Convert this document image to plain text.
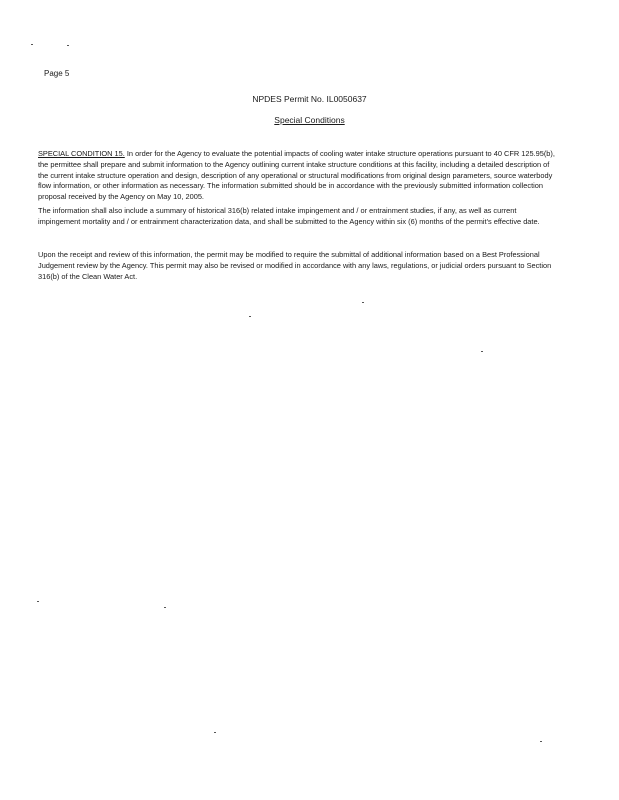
Page 5
NPDES Permit No. IL0050637
Special Conditions

SPECIAL CONDITION 15. In order for the Agency to evaluate the potential impacts of cooling water intake structure operations pursuant to 40 CFR 125.95(b), the permittee shall prepare and submit information to the Agency outlining current intake structure conditions at this facility, including a detailed description of the current intake structure operation and design, description of any operational or structural modifications from original design parameters, source waterbody flow information, or other information as necessary. The information submitted should be in accordance with the previously submitted information collection proposal received by the Agency on May 10, 2005.

The information shall also include a summary of historical 316(b) related intake impingement and / or entrainment studies, if any, as well as current impingement mortality and / or entrainment characterization data, and shall be submitted to the Agency within six (6) months of the permit's effective date.

Upon the receipt and review of this information, the permit may be modified to require the submittal of additional information based on a Best Professional Judgement review by the Agency. This permit may also be revised or modified in accordance with any laws, regulations, or judicial orders pursuant to Section 316(b) of the Clean Water Act.
